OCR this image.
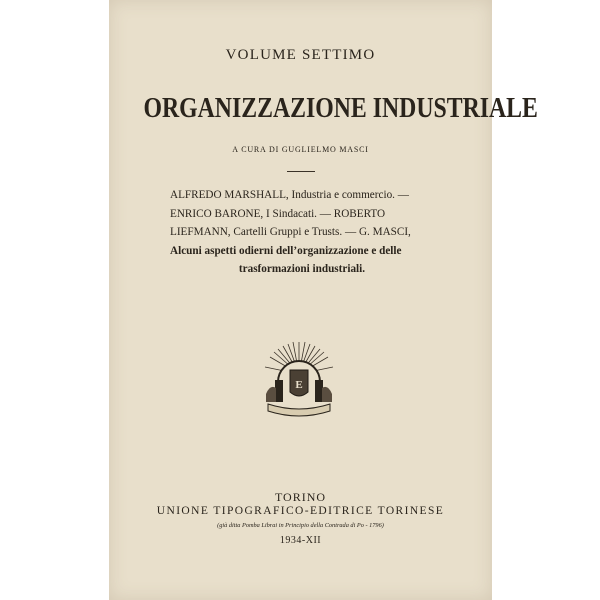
VOLUME SETTIMO
ORGANIZZAZIONE INDUSTRIALE
A CURA DI GUGLIELMO MASCI
ALFREDO MARSHALL, Industria e commercio. —
ENRICO BARONE, I Sindacati. — ROBERTO
LIEFMANN, Cartelli Gruppi e Trusts. — G. MASCI,
Alcuni aspetti odierni dell’organizzazione e delle
trasformazioni industriali.
E
TORINO
UNIONE TIPOGRAFICO-EDITRICE TORINESE
(già ditta Pomba Librai in Principio della Contrada di Po - 1796)
1934-XII
